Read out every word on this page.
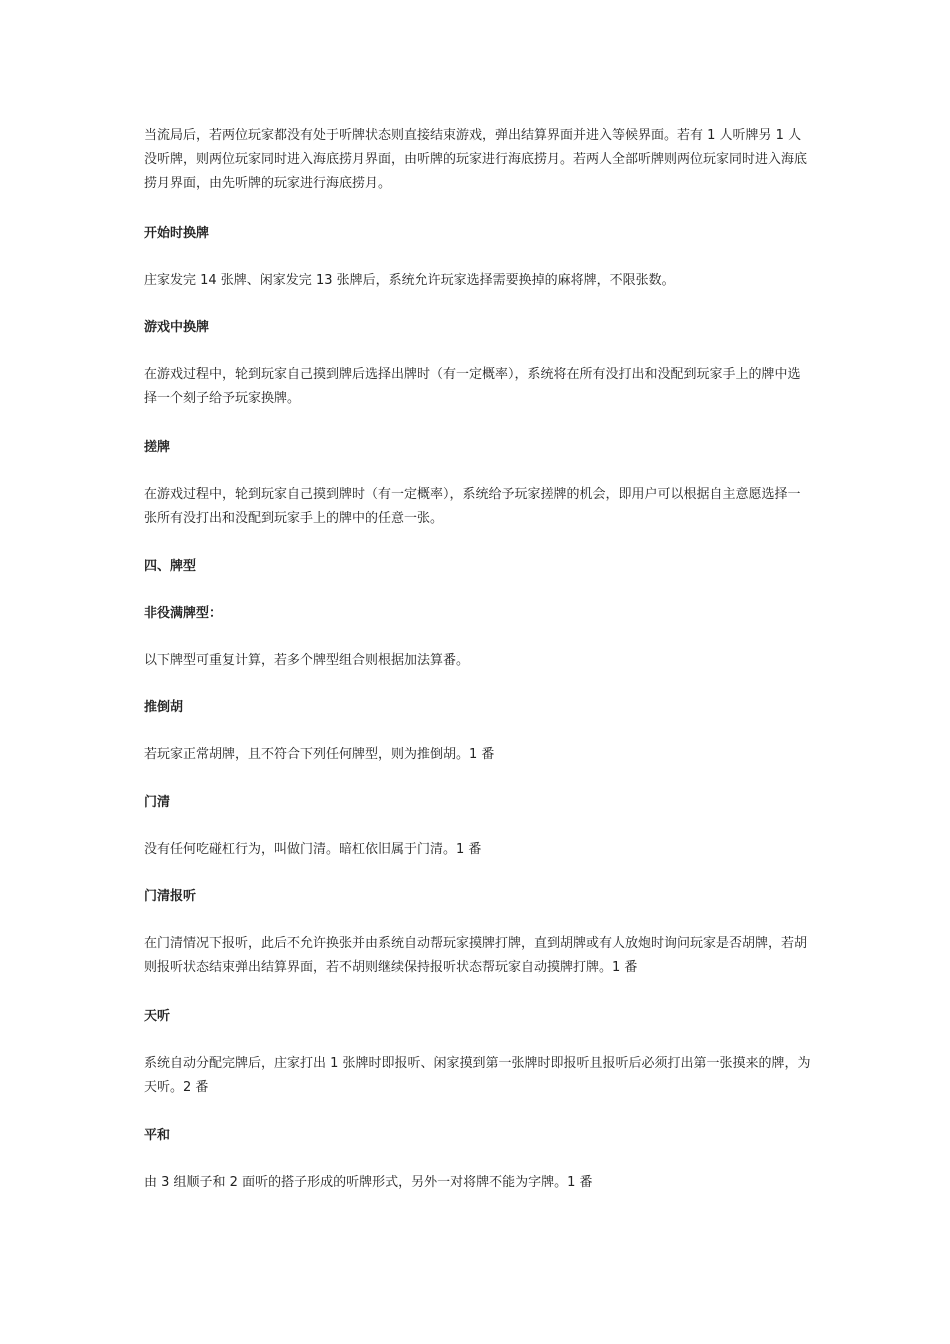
当流局后，若两位玩家都没有处于听牌状态则直接结束游戏，弹出结算界面并进入等候界面。若有 1 人听牌另 1 人没听牌，则两位玩家同时进入海底捞月界面，由听牌的玩家进行海底捞月。若两人全部听牌则两位玩家同时进入海底捞月界面，由先听牌的玩家进行海底捞月。

开始时换牌

庄家发完 14 张牌、闲家发完 13 张牌后，系统允许玩家选择需要换掉的麻将牌，不限张数。

游戏中换牌

在游戏过程中，轮到玩家自己摸到牌后选择出牌时（有一定概率），系统将在所有没打出和没配到玩家手上的牌中选择一个刻子给予玩家换牌。

搓牌

在游戏过程中，轮到玩家自己摸到牌时（有一定概率），系统给予玩家搓牌的机会，即用户可以根据自主意愿选择一张所有没打出和没配到玩家手上的牌中的任意一张。

四、牌型

非役满牌型：

以下牌型可重复计算，若多个牌型组合则根据加法算番。

推倒胡

若玩家正常胡牌，且不符合下列任何牌型，则为推倒胡。1 番

门清

没有任何吃碰杠行为，叫做门清。暗杠依旧属于门清。1 番

门清报听

在门清情况下报听，此后不允许换张并由系统自动帮玩家摸牌打牌，直到胡牌或有人放炮时询问玩家是否胡牌，若胡则报听状态结束弹出结算界面，若不胡则继续保持报听状态帮玩家自动摸牌打牌。1 番

天听

系统自动分配完牌后，庄家打出 1 张牌时即报听、闲家摸到第一张牌时即报听且报听后必须打出第一张摸来的牌，为天听。2 番

平和

由 3 组顺子和 2 面听的搭子形成的听牌形式，另外一对将牌不能为字牌。1 番
